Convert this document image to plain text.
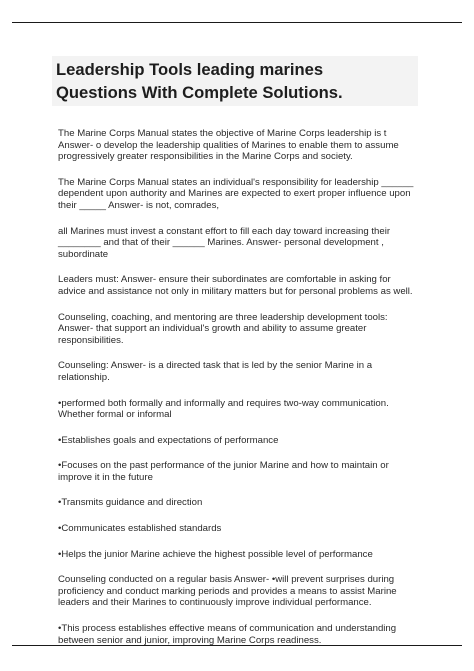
Leadership Tools leading marines
Questions With Complete Solutions.

The Marine Corps Manual states the objective of Marine Corps leadership is t
Answer- o develop the leadership qualities of Marines to enable them to assume
progressively greater responsibilities in the Marine Corps and society.

The Marine Corps Manual states an individual's responsibility for leadership ______
dependent upon authority and Marines are expected to exert proper influence upon
their _____ Answer- is not, comrades,

all Marines must invest a constant effort to fill each day toward increasing their
________ and that of their ______ Marines. Answer- personal development ,
subordinate

Leaders must: Answer- ensure their subordinates are comfortable in asking for
advice and assistance not only in military matters but for personal problems as well.

Counseling, coaching, and mentoring are three leadership development tools:
Answer- that support an individual's growth and ability to assume greater
responsibilities.

Counseling: Answer- is a directed task that is led by the senior Marine in a
relationship.

•performed both formally and informally and requires two-way communication.
Whether formal or informal

•Establishes goals and expectations of performance

•Focuses on the past performance of the junior Marine and how to maintain or
improve it in the future

•Transmits guidance and direction

•Communicates established standards

•Helps the junior Marine achieve the highest possible level of performance

Counseling conducted on a regular basis Answer- •will prevent surprises during
proficiency and conduct marking periods and provides a means to assist Marine
leaders and their Marines to continuously improve individual performance.

•This process establishes effective means of communication and understanding
between senior and junior, improving Marine Corps readiness.
